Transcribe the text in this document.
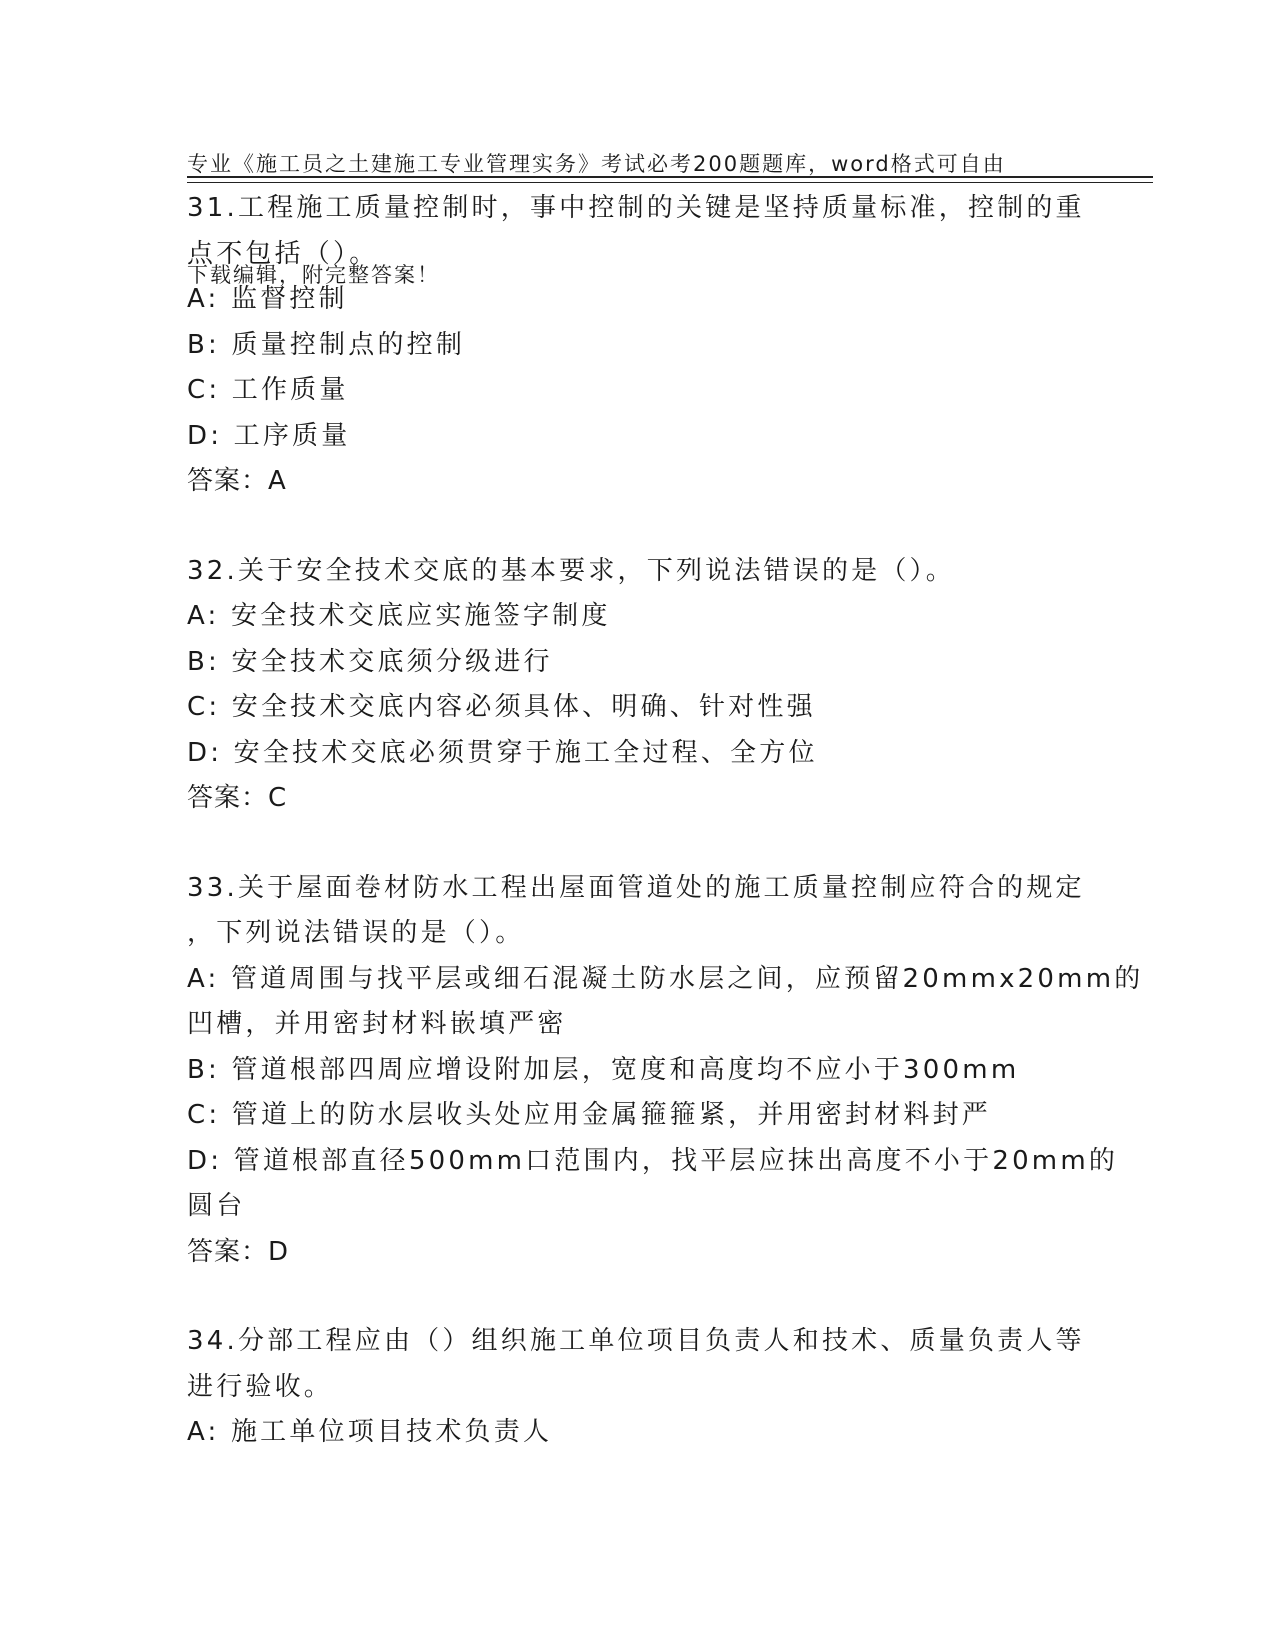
专业《施工员之土建施工专业管理实务》考试必考200题题库，word格式可自由

下载编辑，附完整答案！

31.工程施工质量控制时，事中控制的关键是坚持质量标准，控制的重
点不包括（）。
A: 监督控制
B: 质量控制点的控制
C: 工作质量
D: 工序质量
答案：A
32.关于安全技术交底的基本要求，下列说法错误的是（）。
A: 安全技术交底应实施签字制度
B: 安全技术交底须分级进行
C: 安全技术交底内容必须具体、明确、针对性强
D: 安全技术交底必须贯穿于施工全过程、全方位
答案：C
33.关于屋面卷材防水工程出屋面管道处的施工质量控制应符合的规定
，下列说法错误的是（）。
A: 管道周围与找平层或细石混凝土防水层之间，应预留20mmx20mm的
凹槽，并用密封材料嵌填严密
B: 管道根部四周应增设附加层，宽度和高度均不应小于300mm
C: 管道上的防水层收头处应用金属箍箍紧，并用密封材料封严
D: 管道根部直径500mm口范围内，找平层应抹出高度不小于20mm的
圆台
答案：D
34.分部工程应由（）组织施工单位项目负责人和技术、质量负责人等
进行验收。
A: 施工单位项目技术负责人
